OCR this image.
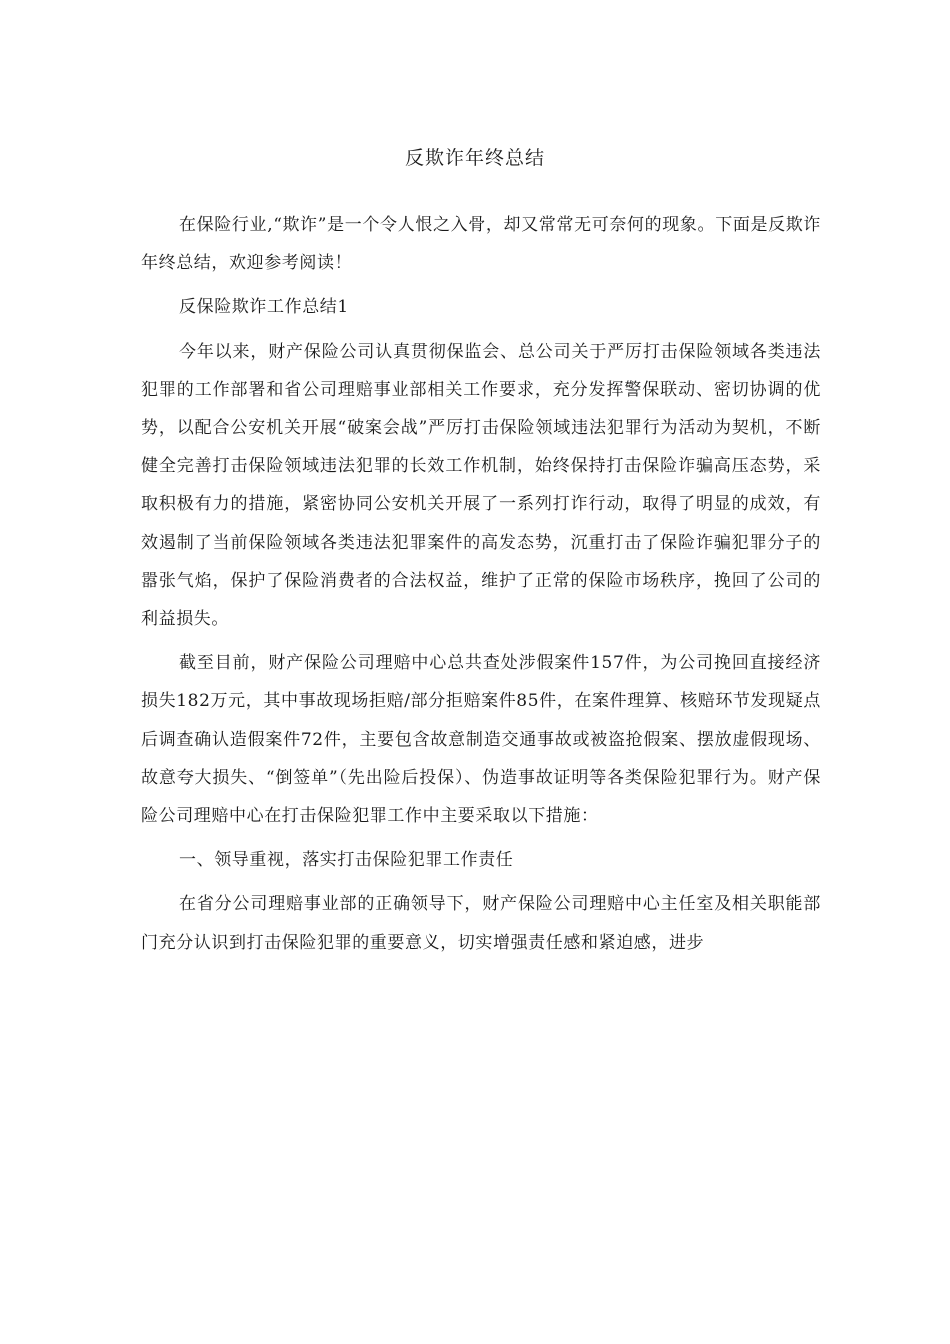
反欺诈年终总结

在保险行业,“欺诈”是一个令人恨之入骨，却又常常无可奈何的现象。下面是反欺诈年终总结，欢迎参考阅读！

反保险欺诈工作总结1

今年以来，财产保险公司认真贯彻保监会、总公司关于严厉打击保险领域各类违法犯罪的工作部署和省公司理赔事业部相关工作要求，充分发挥警保联动、密切协调的优势，以配合公安机关开展“破案会战”严厉打击保险领域违法犯罪行为活动为契机，不断健全完善打击保险领域违法犯罪的长效工作机制，始终保持打击保险诈骗高压态势，采取积极有力的措施，紧密协同公安机关开展了一系列打诈行动，取得了明显的成效，有效遏制了当前保险领域各类违法犯罪案件的高发态势，沉重打击了保险诈骗犯罪分子的嚣张气焰，保护了保险消费者的合法权益，维护了正常的保险市场秩序，挽回了公司的利益损失。

截至目前，财产保险公司理赔中心总共查处涉假案件157件，为公司挽回直接经济损失182万元，其中事故现场拒赔/部分拒赔案件85件，在案件理算、核赔环节发现疑点后调查确认造假案件72件，主要包含故意制造交通事故或被盗抢假案、摆放虚假现场、故意夸大损失、“倒签单”（先出险后投保）、伪造事故证明等各类保险犯罪行为。财产保险公司理赔中心在打击保险犯罪工作中主要采取以下措施：

一、领导重视，落实打击保险犯罪工作责任

在省分公司理赔事业部的正确领导下，财产保险公司理赔中心主任室及相关职能部门充分认识到打击保险犯罪的重要意义，切实增强责任感和紧迫感，进步
